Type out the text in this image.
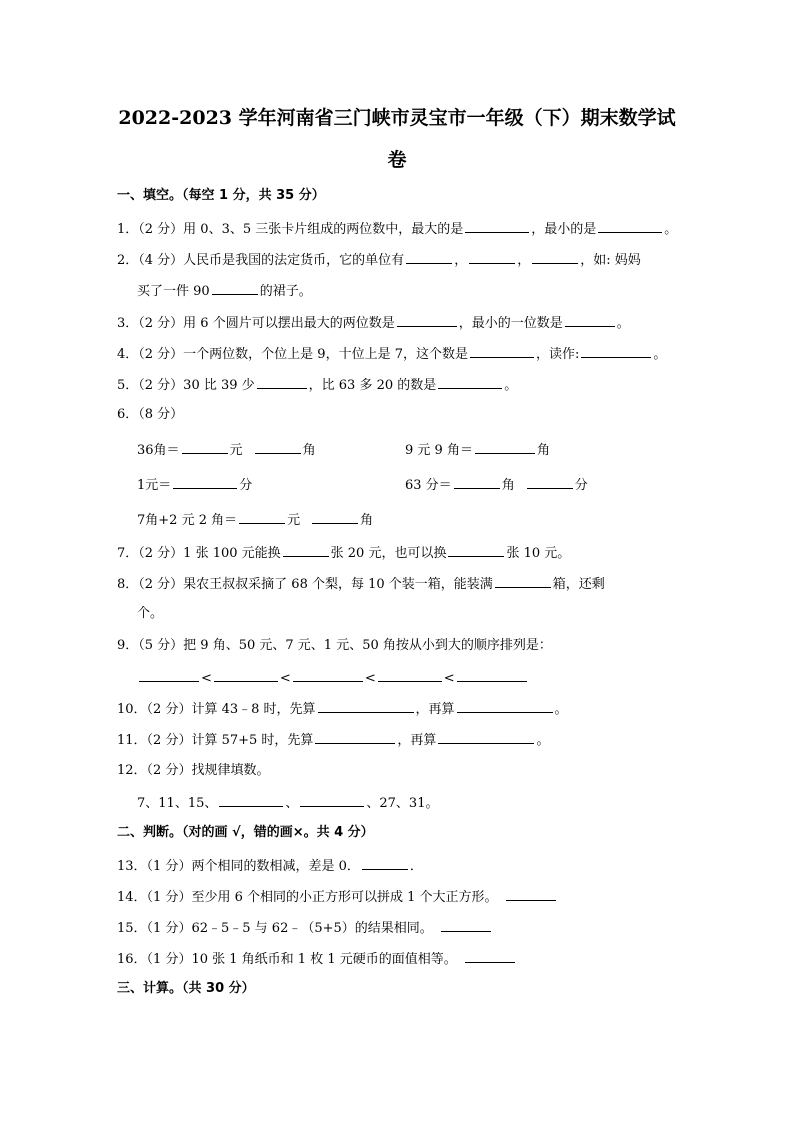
2022-2023 学年河南省三门峡市灵宝市一年级（下）期末数学试
卷
一、填空。（每空 1 分，共 35 分）
1．（2 分）用 0、3、5 三张卡片组成的两位数中，最大的是	，最小的是	。
2．（4 分）人民币是我国的法定货币，它的单位有	，	，	，如: 妈妈
买了一件 90	的裙子。
3．（2 分）用 6 个圆片可以摆出最大的两位数是	，最小的一位数是	。
4．（2 分）一个两位数，个位上是 9，十位上是 7，这个数是	，读作:	。
5．（2 分）30 比 39 少	，比 63 多 20 的数是	。
6．（8 分）
36角＝	元	角	9 元 9 角＝	角
1元＝	分	63 分＝	角	分
7角+2 元 2 角＝	元	角
7．（2 分）1 张 100 元能换	张 20 元，也可以换	张 10 元。
8．（2 分）果农王叔叔采摘了 68 个梨，每 10 个装一箱，能装满	箱，还剩
个。
9．（5 分）把 9 角、50 元、7 元、1 元、50 角按从小到大的顺序排列是：
<	<	<	<
10．（2 分）计算 43﹣8 时，先算	，再算	。
11．（2 分）计算 57+5 时，先算	，再算	。
12．（2 分）找规律填数。
7、11、15、	、	、27、31。
二、判断。（对的画 √，错的画×。共 4 分）
13．（1 分）两个相同的数相减，差是 0．	．
14．（1 分）至少用 6 个相同的小正方形可以拼成 1 个大正方形。
15．（1 分）62﹣5﹣5 与 62﹣（5+5）的结果相同。
16．（1 分）10 张 1 角纸币和 1 枚 1 元硬币的面值相等。
三、计算。（共 30 分）
